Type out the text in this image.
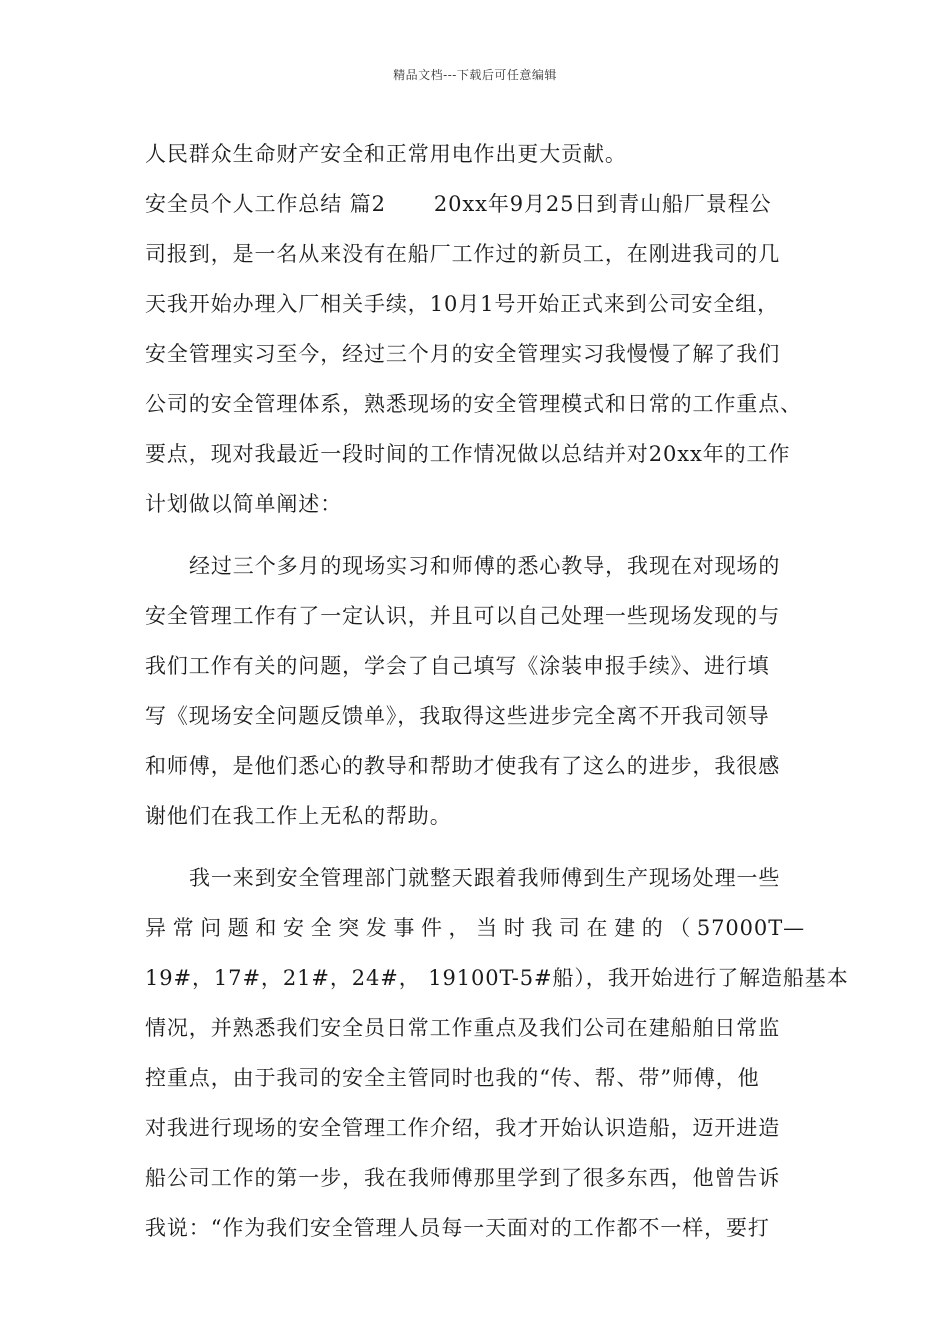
精品文档---下载后可任意编辑
人民群众生命财产安全和正常用电作出更大贡献。
安全员个人工作总结 篇2 20xx年9月25日到青山船厂景程公
司报到，是一名从来没有在船厂工作过的新员工，在刚进我司的几
天我开始办理入厂相关手续，10月1号开始正式来到公司安全组，
安全管理实习至今，经过三个月的安全管理实习我慢慢了解了我们
公司的安全管理体系，熟悉现场的安全管理模式和日常的工作重点、
要点，现对我最近一段时间的工作情况做以总结并对20xx年的工作
计划做以简单阐述：
经过三个多月的现场实习和师傅的悉心教导，我现在对现场的
安全管理工作有了一定认识，并且可以自己处理一些现场发现的与
我们工作有关的问题，学会了自己填写《涂装申报手续》、进行填
写《现场安全问题反馈单》，我取得这些进步完全离不开我司领导
和师傅，是他们悉心的教导和帮助才使我有了这么的进步，我很感
谢他们在我工作上无私的帮助。
我一来到安全管理部门就整天跟着我师傅到生产现场处理一些
异常问题和安全突发事件，当时我司在建的（57000T—
19#，17#，21#，24#， 19100T-5#船），我开始进行了解造船基本
情况，并熟悉我们安全员日常工作重点及我们公司在建船舶日常监
控重点，由于我司的安全主管同时也我的“传、帮、带”师傅，他
对我进行现场的安全管理工作介绍，我才开始认识造船，迈开进造
船公司工作的第一步，我在我师傅那里学到了很多东西，他曾告诉
我说：“作为我们安全管理人员每一天面对的工作都不一样，要打
